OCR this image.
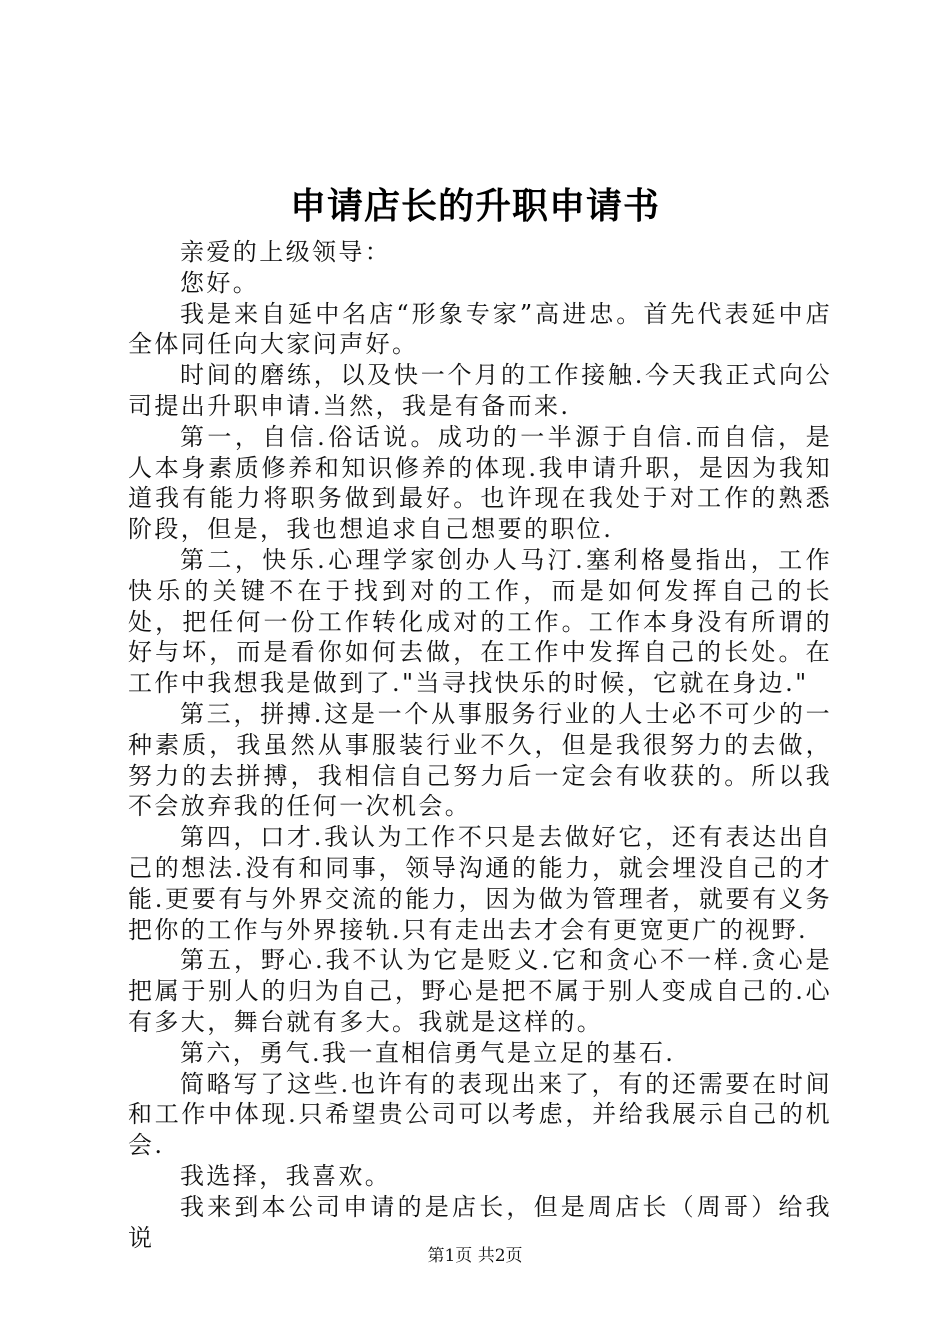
申请店长的升职申请书

亲爱的上级领导：

您好。

我是来自延中名店“形象专家”高进忠。首先代表延中店全体同任向大家问声好。

时间的磨练，以及快一个月的工作接触.今天我正式向公司提出升职申请.当然，我是有备而来.

第一，自信.俗话说。成功的一半源于自信.而自信，是人本身素质修养和知识修养的体现.我申请升职，是因为我知道我有能力将职务做到最好。也许现在我处于对工作的熟悉阶段，但是，我也想追求自己想要的职位.

第二，快乐.心理学家创办人马汀.塞利格曼指出，工作快乐的关键不在于找到对的工作，而是如何发挥自己的长处，把任何一份工作转化成对的工作。工作本身没有所谓的好与坏，而是看你如何去做，在工作中发挥自己的长处。在工作中我想我是做到了."当寻找快乐的时候，它就在身边."

第三，拼搏.这是一个从事服务行业的人士必不可少的一种素质，我虽然从事服装行业不久，但是我很努力的去做，努力的去拼搏，我相信自己努力后一定会有收获的。所以我不会放弃我的任何一次机会。

第四，口才.我认为工作不只是去做好它，还有表达出自己的想法.没有和同事，领导沟通的能力，就会埋没自己的才能.更要有与外界交流的能力，因为做为管理者，就要有义务把你的工作与外界接轨.只有走出去才会有更宽更广的视野.

第五，野心.我不认为它是贬义.它和贪心不一样.贪心是把属于别人的归为自己，野心是把不属于别人变成自己的.心有多大，舞台就有多大。我就是这样的。

第六，勇气.我一直相信勇气是立足的基石.

简略写了这些.也许有的表现出来了，有的还需要在时间和工作中体现.只希望贵公司可以考虑，并给我展示自己的机会.

我选择，我喜欢。

我来到本公司申请的是店长，但是周店长（周哥）给我说

第1页 共2页
